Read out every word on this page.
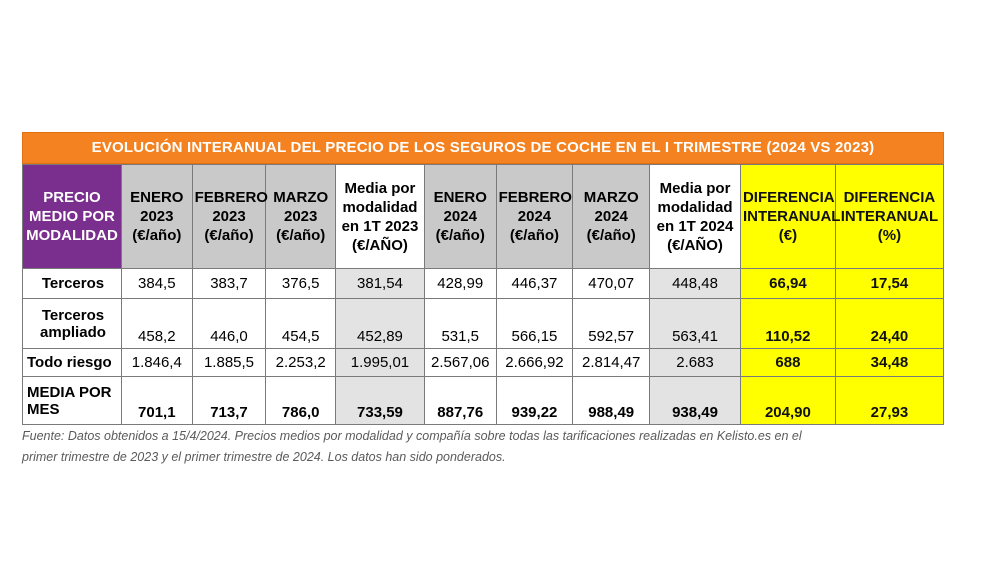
EVOLUCIÓN INTERANUAL DEL PRECIO DE LOS SEGUROS DE COCHE EN EL I TRIMESTRE (2024 VS 2023)
PRECIO
MEDIO POR
MODALIDAD	ENERO
2023
(€/año)	FEBRERO
2023
(€/año)	MARZO
2023
(€/año)	Media por
modalidad
en 1T 2023
(€/AÑO)	ENERO
2024
(€/año)	FEBRERO
2024
(€/año)	MARZO
2024
(€/año)	Media por
modalidad
en 1T 2024
(€/AÑO)	DIFERENCIA
INTERANUAL
(€)	DIFERENCIA
INTERANUAL
(%)
Terceros	384,5	383,7	376,5	381,54	428,99	446,37	470,07	448,48	66,94	17,54
Terceros
ampliado	458,2	446,0	454,5	452,89	531,5	566,15	592,57	563,41	110,52	24,40
Todo riesgo	1.846,4	1.885,5	2.253,2	1.995,01	2.567,06	2.666,92	2.814,47	2.683	688	34,48
MEDIA POR
MES	701,1	713,7	786,0	733,59	887,76	939,22	988,49	938,49	204,90	27,93
Fuente: Datos obtenidos a 15/4/2024. Precios medios por modalidad y compañía sobre todas las tarificaciones realizadas en Kelisto.es en el
primer trimestre de 2023 y el primer trimestre de 2024. Los datos han sido ponderados.
